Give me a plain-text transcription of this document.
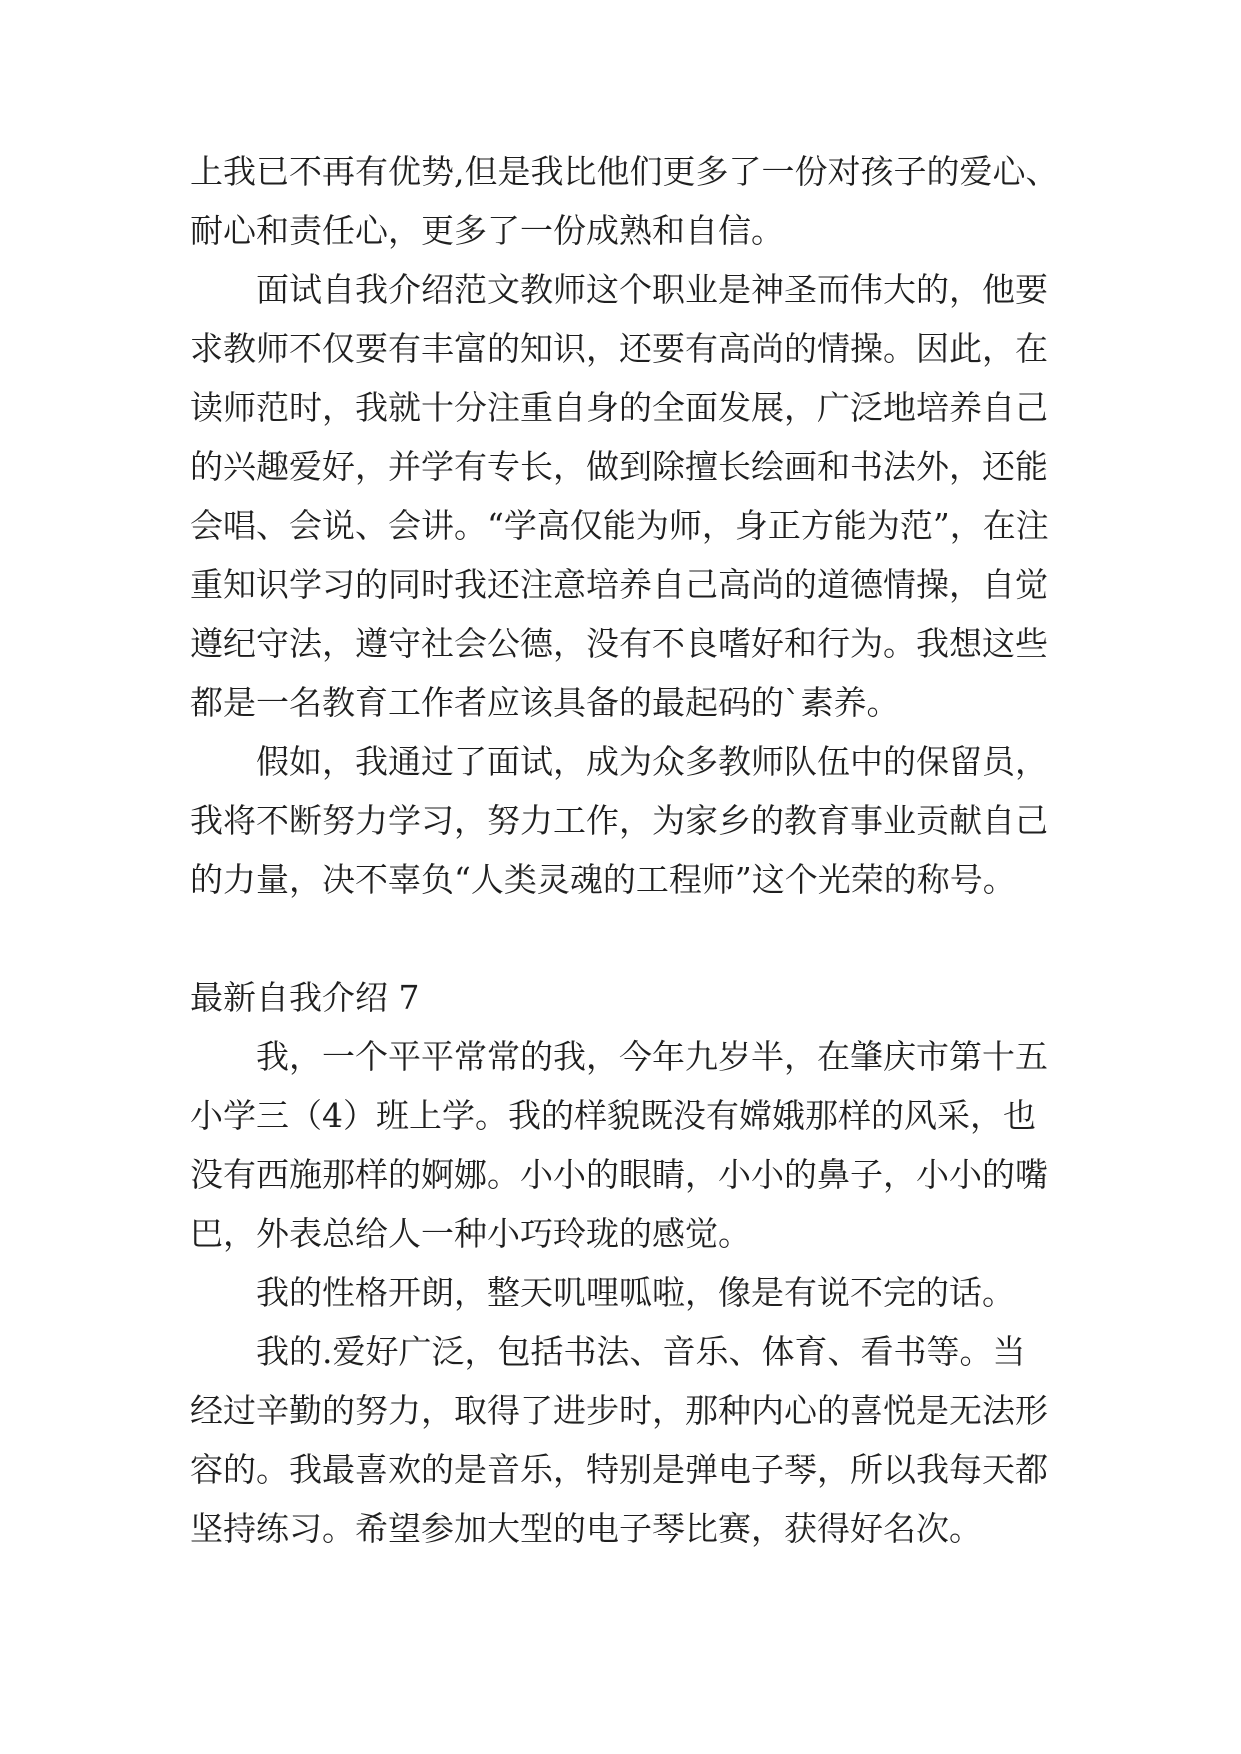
上我已不再有优势,但是我比他们更多了一份对孩子的爱心、

耐心和责任心，更多了一份成熟和自信。

　　面试自我介绍范文教师这个职业是神圣而伟大的，他要

求教师不仅要有丰富的知识，还要有高尚的情操。因此，在

读师范时，我就十分注重自身的全面发展，广泛地培养自己

的兴趣爱好，并学有专长，做到除擅长绘画和书法外，还能

会唱、会说、会讲。“学高仅能为师，身正方能为范”，在注

重知识学习的同时我还注意培养自己高尚的道德情操，自觉

遵纪守法，遵守社会公德，没有不良嗜好和行为。我想这些

都是一名教育工作者应该具备的最起码的`素养。

　　假如，我通过了面试，成为众多教师队伍中的保留员，

我将不断努力学习，努力工作，为家乡的教育事业贡献自己

的力量，决不辜负“人类灵魂的工程师”这个光荣的称号。

最新自我介绍 7

　　我，一个平平常常的我，今年九岁半，在肇庆市第十五

小学三（4）班上学。我的样貌既没有嫦娥那样的风采，也

没有西施那样的婀娜。小小的眼睛，小小的鼻子，小小的嘴

巴，外表总给人一种小巧玲珑的感觉。

　　我的性格开朗，整天叽哩呱啦，像是有说不完的话。

　　我的.爱好广泛，包括书法、音乐、体育、看书等。当

经过辛勤的努力，取得了进步时，那种内心的喜悦是无法形

容的。我最喜欢的是音乐，特别是弹电子琴，所以我每天都

坚持练习。希望参加大型的电子琴比赛，获得好名次。
